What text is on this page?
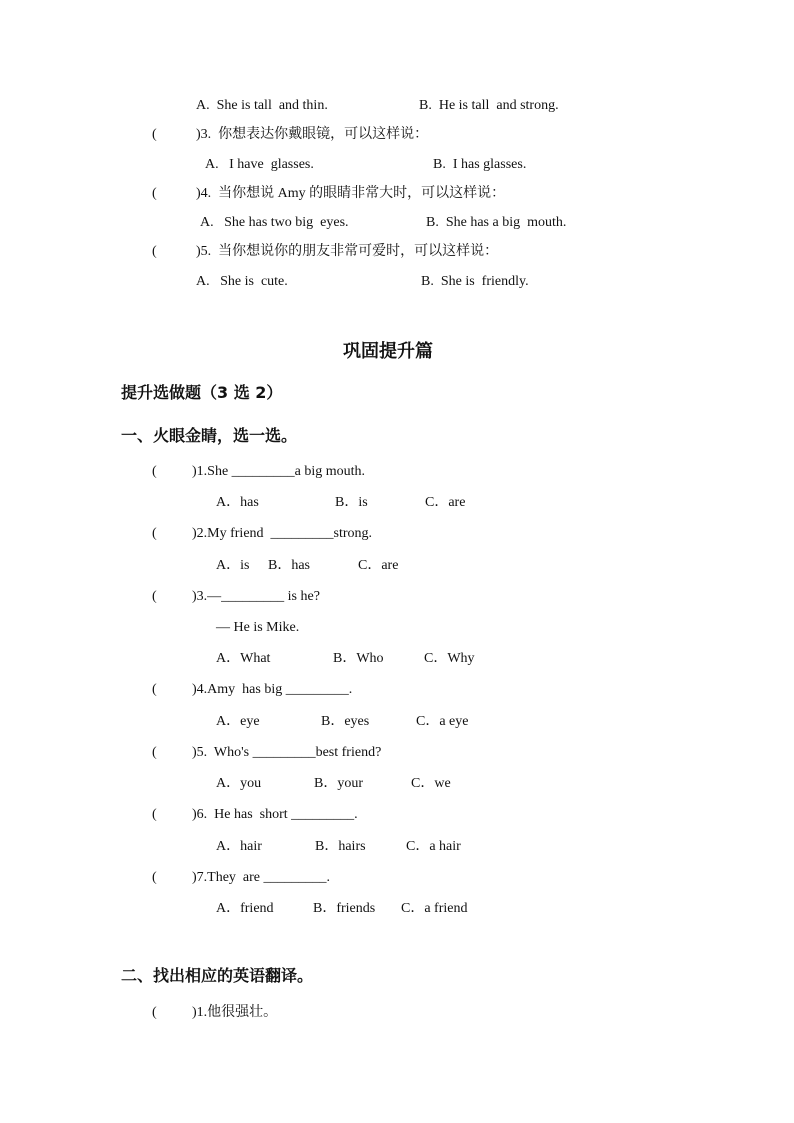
A.  She is tall  and thin.	B.  He is tall  and strong.
(	)3.  你想表达你戴眼镜，可以这样说：
A.   I have  glasses.	B.  I has glasses.
(	)4.  当你想说 Amy 的眼睛非常大时，可以这样说：
A.   She has two big  eyes.	B.  She has a big  mouth.
(	)5.  当你想说你的朋友非常可爱时，可以这样说：
A.   She is  cute.	B.  She is  friendly.
巩固提升篇
提升选做题（3 选 2）
一、火眼金睛，选一选。
(	)1.She _________a big mouth.
A．has	B．is	C．are
(	)2.My friend  _________strong.
A．is B．has	C．are
(	)3.—_________ is he?
— He is Mike.
A．What	B．Who	C．Why
(	)4.Amy  has big _________.
A．eye	B．eyes	C．a eye
(	)5.  Who's _________best friend?
A．you	B．your	C．we
(	)6.  He has  short _________.
A．hair	B．hairs	C．a hair
(	)7.They  are _________.
A．friend	B．friends C．a friend
二、找出相应的英语翻译。
(	)1.他很强壮。
